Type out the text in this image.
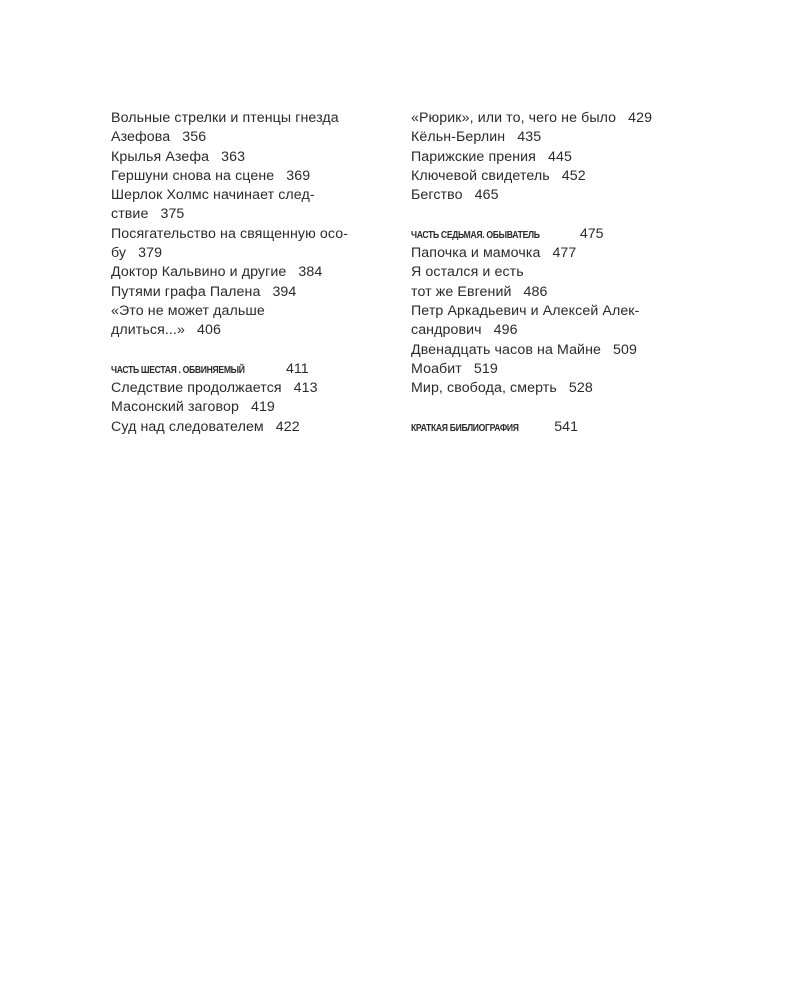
Вольные стрелки и птенцы гнезда
Азефова 356
Крылья Азефа 363
Гершуни снова на сцене 369
Шерлок Холмс начинает след-
ствие 375
Посягательство на священную осо-
бу 379
Доктор Кальвино и другие 384
Путями графа Палена 394
«Это не может дальше
длиться...» 406
ЧАСТЬ ШЕСТАЯ . ОБВИНЯЕМЫЙ	411
Следствие продолжается 413
Масонский заговор 419
Суд над следователем 422
«Рюрик», или то, чего не было 429
Кёльн-Берлин 435
Парижские прения 445
Ключевой свидетель 452
Бегство 465
ЧАСТЬ СЕДЬМАЯ. ОБЫВАТЕЛЬ	475
Папочка и мамочка 477
Я остался и есть
тот же Евгений 486
Петр Аркадьевич и Алексей Алек-
сандрович 496
Двенадцать часов на Майне 509
Моабит 519
Мир, свобода, смерть 528
КРАТКАЯ БИБЛИОГРАФИЯ	541
